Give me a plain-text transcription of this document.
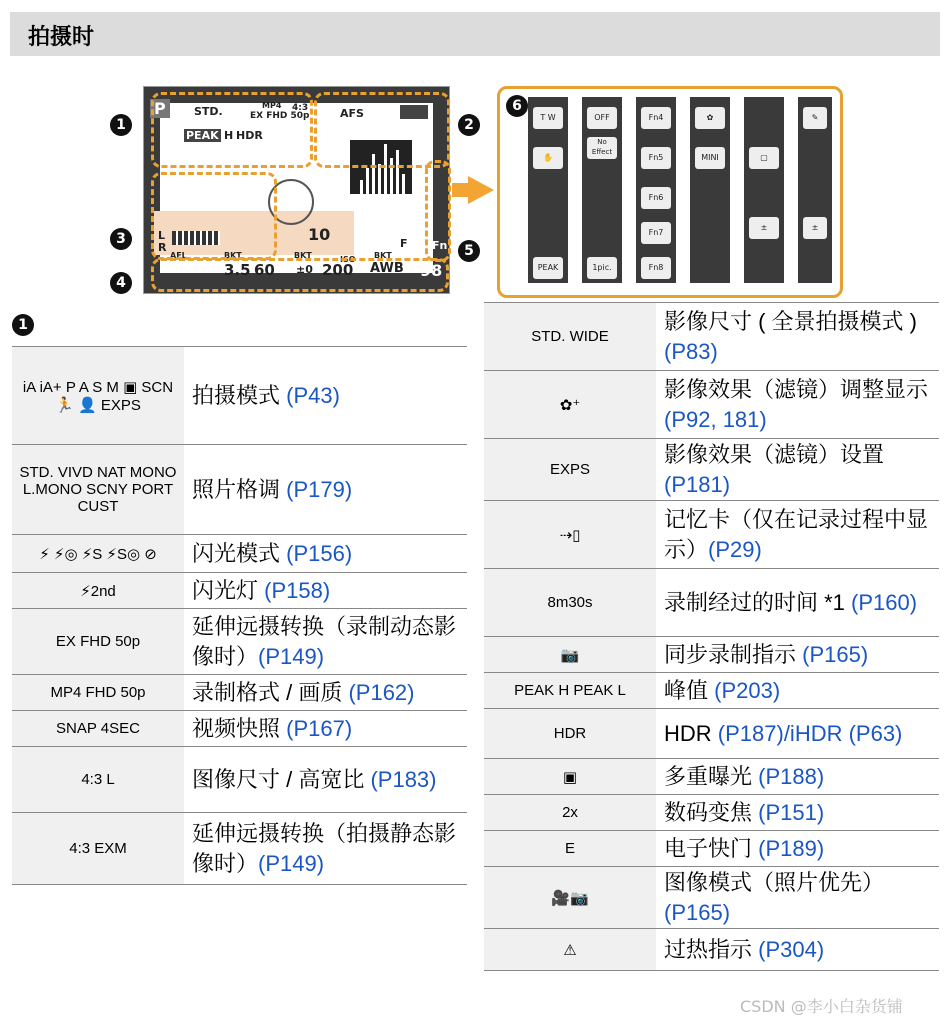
拍摄时
P	STD.	MP4
EX FHD 50p
4:3
PEAK H HDR
AFS
10
L
R
AEL	BKT
3.5 60
BKT
±0
ISO
200
BKT
AWB 98
F Fn
1	2
3
4
5
6
T W
✋
PEAK
OFF
No Effect
1pic.
Fn4
Fn5
Fn6
Fn7
Fn8
✿
MINI	▢
±
✎
±
1
iA iA+ P A S M ▣ SCN 🏃 👤 EXPS	拍摄模式 (P43)
STD. VIVD NAT MONO L.MONO SCNY PORT CUST	照片格调 (P179)
⚡ ⚡◎ ⚡S ⚡S◎ ⊘	闪光模式 (P156)
⚡2nd	闪光灯 (P158)
EX FHD 50p	延伸远摄转换（录制动态影像时）(P149)
MP4 FHD 50p	录制格式 / 画质 (P162)
SNAP 4SEC	视频快照 (P167)
4:3 L	图像尺寸 / 高宽比 (P183)
4:3 EXM	延伸远摄转换（拍摄静态影像时）(P149)
STD. WIDE	影像尺寸 ( 全景拍摄模式 ) (P83)
✿⁺	影像效果（滤镜）调整显示 (P92, 181)
EXPS	影像效果（滤镜）设置(P181)
⇢▯	记忆卡（仅在记录过程中显示）(P29)
8m30s	录制经过的时间 *1 (P160)
📷	同步录制指示 (P165)
PEAK H PEAK L	峰值 (P203)
HDR	HDR (P187)/iHDR (P63)
▣	多重曝光 (P188)
2x	数码变焦 (P151)
E	电子快门 (P189)
🎥📷	图像模式（照片优先）(P165)
⚠	过热指示 (P304)
CSDN @李小白杂货铺
